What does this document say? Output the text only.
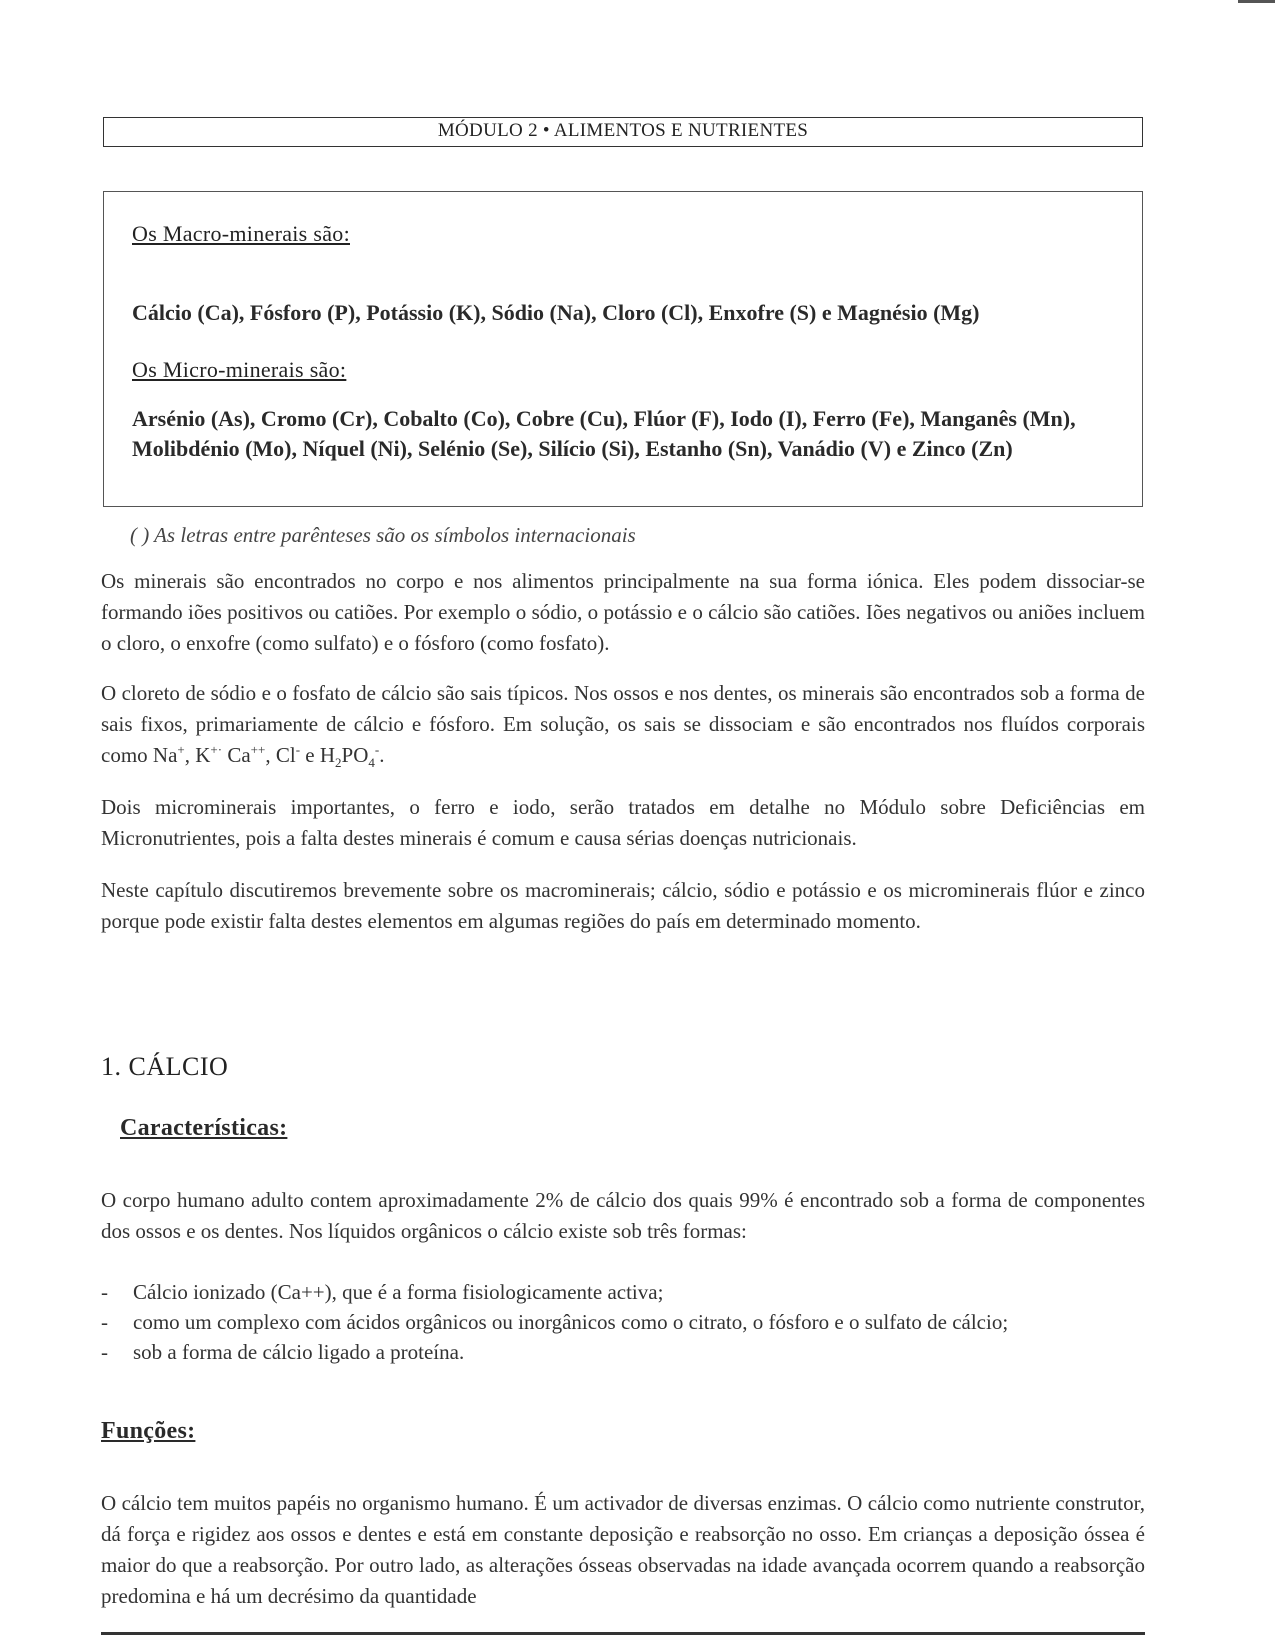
MÓDULO 2 • ALIMENTOS E NUTRIENTES
Os Macro-minerais são:
Cálcio (Ca), Fósforo (P), Potássio (K), Sódio (Na), Cloro (Cl), Enxofre (S) e Magnésio (Mg)
Os Micro-minerais são:
Arsénio (As), Cromo (Cr), Cobalto (Co), Cobre (Cu), Flúor (F), Iodo (I), Ferro (Fe), Manganês (Mn), Molibdénio (Mo), Níquel (Ni), Selénio (Se), Silício (Si), Estanho (Sn), Vanádio (V) e Zinco (Zn)
( ) As letras entre parênteses são os símbolos internacionais

Os minerais são encontrados no corpo e nos alimentos principalmente na sua forma iónica. Eles podem dissociar-se formando iões positivos ou catiões. Por exemplo o sódio, o potássio e o cálcio são catiões. Iões negativos ou aniões incluem o cloro, o enxofre (como sulfato) e o fósforo (como fosfato).

O cloreto de sódio e o fosfato de cálcio são sais típicos. Nos ossos e nos dentes, os minerais são encontrados sob a forma de sais fixos, primariamente de cálcio e fósforo. Em solução, os sais se dissociam e são encontrados nos fluídos corporais como Na+, K+· Ca++, Cl- e $H_2PO_4^-$.

Dois microminerais importantes, o ferro e iodo, serão tratados em detalhe no Módulo sobre Deficiências em Micronutrientes, pois a falta destes minerais é comum e causa sérias doenças nutricionais.

Neste capítulo discutiremos brevemente sobre os macrominerais; cálcio, sódio e potássio e os microminerais flúor e zinco porque pode existir falta destes elementos em algumas regiões do país em determinado momento.

1. CÁLCIO
Características:

O corpo humano adulto contem aproximadamente 2% de cálcio dos quais 99% é encontrado sob a forma de componentes dos ossos e os dentes. Nos líquidos orgânicos o cálcio existe sob três formas:

- Cálcio ionizado (Ca++), que é a forma fisiologicamente activa;
- como um complexo com ácidos orgânicos ou inorgânicos como o citrato, o fósforo e o sulfato de cálcio;
- sob a forma de cálcio ligado a proteína.
Funções:

O cálcio tem muitos papéis no organismo humano. É um activador de diversas enzimas. O cálcio como nutriente construtor, dá força e rigidez aos ossos e dentes e está em constante deposição e reabsorção no osso. Em crianças a deposição óssea é maior do que a reabsorção. Por outro lado, as alterações ósseas observadas na idade avançada ocorrem quando a reabsorção predomina e há um decrésimo da quantidade
